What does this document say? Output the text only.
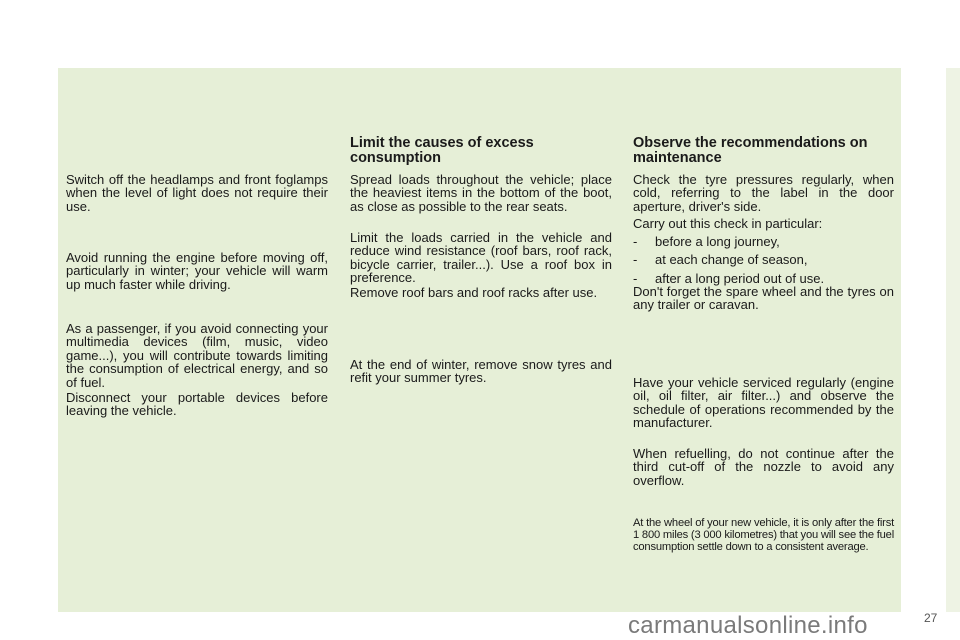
Switch off the headlamps and front foglamps when the level of light does not require their use.

Avoid running the engine before moving off, particularly in winter; your vehicle will warm up much faster while driving.

As a passenger, if you avoid connecting your multimedia devices (film, music, video game...), you will contribute towards limiting the consumption of electrical energy, and so of fuel.

Disconnect your portable devices before leaving the vehicle.

Limit the causes of excess consumption

Spread loads throughout the vehicle; place the heaviest items in the bottom of the boot, as close as possible to the rear seats.

Limit the loads carried in the vehicle and reduce wind resistance (roof bars, roof rack, bicycle carrier, trailer...). Use a roof box in preference.

Remove roof bars and roof racks after use.

At the end of winter, remove snow tyres and refit your summer tyres.

Observe the recommendations on maintenance

Check the tyre pressures regularly, when cold, referring to the label in the door aperture, driver's side.

Carry out this check in particular:

- before a long journey,
- at each change of season,
- after a long period out of use.

Don't forget the spare wheel and the tyres on any trailer or caravan.

Have your vehicle serviced regularly (engine oil, oil filter, air filter...) and observe the schedule of operations recommended by the manufacturer.

When refuelling, do not continue after the third cut-off of the nozzle to avoid any overflow.

At the wheel of your new vehicle, it is only after the first 1 800 miles (3 000 kilometres) that you will see the fuel consumption settle down to a consistent average.

carmanualsonline.info	27
